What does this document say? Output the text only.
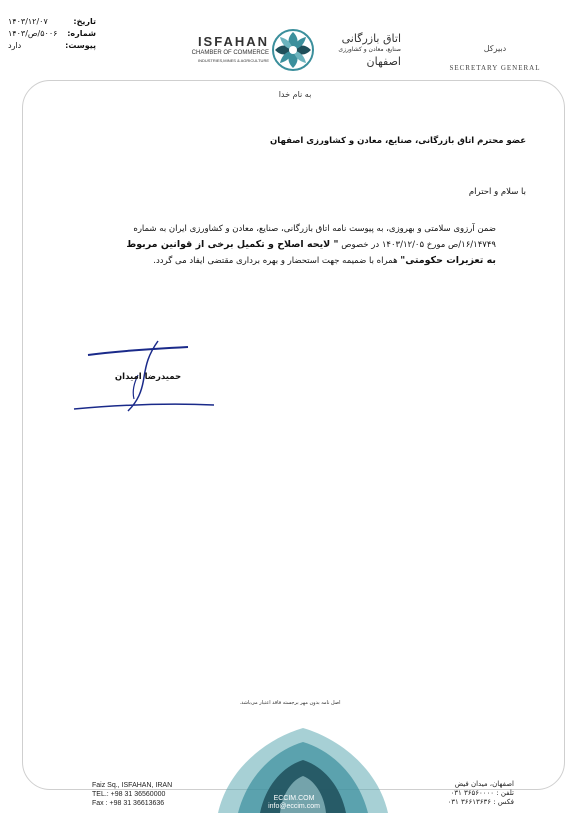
تاریخ:
۱۴۰۳/۱۲/۰۷
شماره:
۵۰۰۶/ص/۱۴۰۳
پیوست:
دارد	ISFAHAN
CHAMBER OF COMMERCE
INDUSTRIES,MINES & AGRICULTURE
اتاق بازرگانی
صنایع، معادن و کشاورزی
اصفهان
دبیرکل
SECRETARY GENERAL
به نام خدا
عضو محترم اتاق بازرگانی، صنایع، معادن و کشاورزی اصفهان
با سلام و احترام
ضمن آرزوی سلامتی و بهروزی، به پیوست نامه اتاق بازرگانی، صنایع، معادن و کشاورزی ایران به شماره
۱۶/۱۴۷۴۹/ص مورخ ۱۴۰۳/۱۲/۰۵ در خصوص " لایحه اصلاح و تکمیل برخی از قوانین مربوط
به تعزیرات حکومتی" همراه با ضمیمه جهت استحضار و بهره برداری مقتضی ایفاد می گردد.
حمیدرضا امیدان
اصل نامه بدون مهر برجسته فاقد اعتبار می‌باشد.
ECCIM.COM
info@eccim.com
Faiz Sq., ISFAHAN, IRAN
TEL.: +98 31 36560000
Fax : +98 31 36613636
اصفهان، میدان فیض
تلفن : ۳۶۵۶۰۰۰۰ ۰۳۱
فکس : ۳۶۶۱۳۶۳۶ ۰۳۱
